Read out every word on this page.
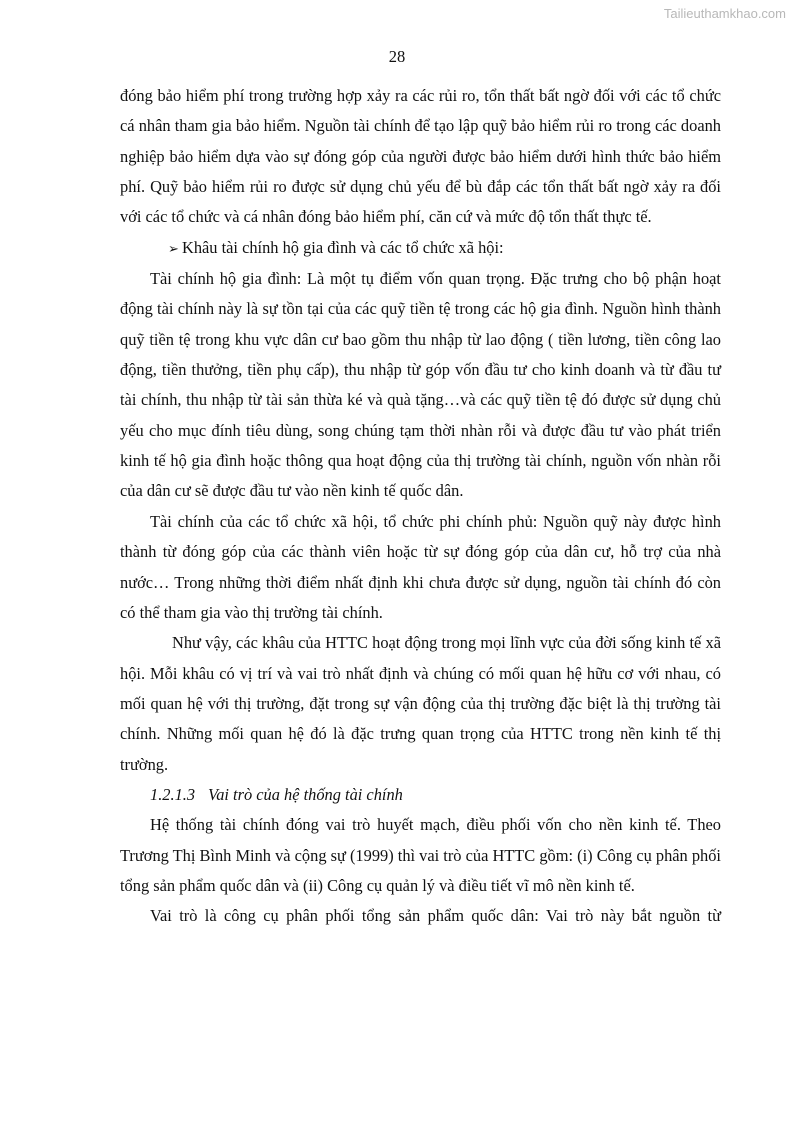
Tailieuthamkhao.com
28

đóng bảo hiểm phí trong trường hợp xảy ra các rủi ro, tổn thất bất ngờ đối với các tổ chức cá nhân tham gia bảo hiểm. Nguồn tài chính để tạo lập quỹ bảo hiểm rủi ro trong các doanh nghiệp bảo hiểm dựa vào sự đóng góp của người được bảo hiểm dưới hình thức bảo hiểm phí. Quỹ bảo hiểm rủi ro được sử dụng chủ yếu để bù đắp các tổn thất bất ngờ xảy ra đối với các tổ chức và cá nhân đóng bảo hiểm phí, căn cứ và mức độ tổn thất thực tế.

➢ Khâu tài chính hộ gia đình và các tổ chức xã hội:

Tài chính hộ gia đình: Là một tụ điểm vốn quan trọng. Đặc trưng cho bộ phận hoạt động tài chính này là sự tồn tại của các quỹ tiền tệ trong các hộ gia đình. Nguồn hình thành quỹ tiền tệ trong khu vực dân cư bao gồm thu nhập từ lao động ( tiền lương, tiền công lao động, tiền thưởng, tiền phụ cấp), thu nhập từ góp vốn đầu tư cho kinh doanh và từ đầu tư tài chính, thu nhập từ tài sản thừa ké và quà tặng…và các quỹ tiền tệ đó được sử dụng chủ yếu cho mục đính tiêu dùng, song chúng tạm thời nhàn rỗi và được đầu tư vào phát triển kinh tế hộ gia đình hoặc thông qua hoạt động của thị trường tài chính, nguồn vốn nhàn rỗi của dân cư sẽ được đầu tư vào nền kinh tế quốc dân.

Tài chính của các tổ chức xã hội, tổ chức phi chính phủ: Nguồn quỹ này được hình thành từ đóng góp của các thành viên hoặc từ sự đóng góp của dân cư, hỗ trợ của nhà nước… Trong những thời điểm nhất định khi chưa được sử dụng, nguồn tài chính đó còn có thể tham gia vào thị trường tài chính.

Như vậy, các khâu của HTTC hoạt động trong mọi lĩnh vực của đời sống kinh tế xã hội. Mỗi khâu có vị trí và vai trò nhất định và chúng có mối quan hệ hữu cơ với nhau, có mối quan hệ với thị trường, đặt trong sự vận động của thị trường đặc biệt là thị trường tài chính. Những mối quan hệ đó là đặc trưng quan trọng của HTTC trong nền kinh tế thị trường.

1.2.1.3 Vai trò của hệ thống tài chính

Hệ thống tài chính đóng vai trò huyết mạch, điều phối vốn cho nền kinh tế. Theo Trương Thị Bình Minh và cộng sự (1999) thì vai trò của HTTC gồm: (i) Công cụ phân phối tổng sản phẩm quốc dân và (ii) Công cụ quản lý và điều tiết vĩ mô nền kinh tế.

Vai trò là công cụ phân phối tổng sản phẩm quốc dân: Vai trò này bắt nguồn từ
